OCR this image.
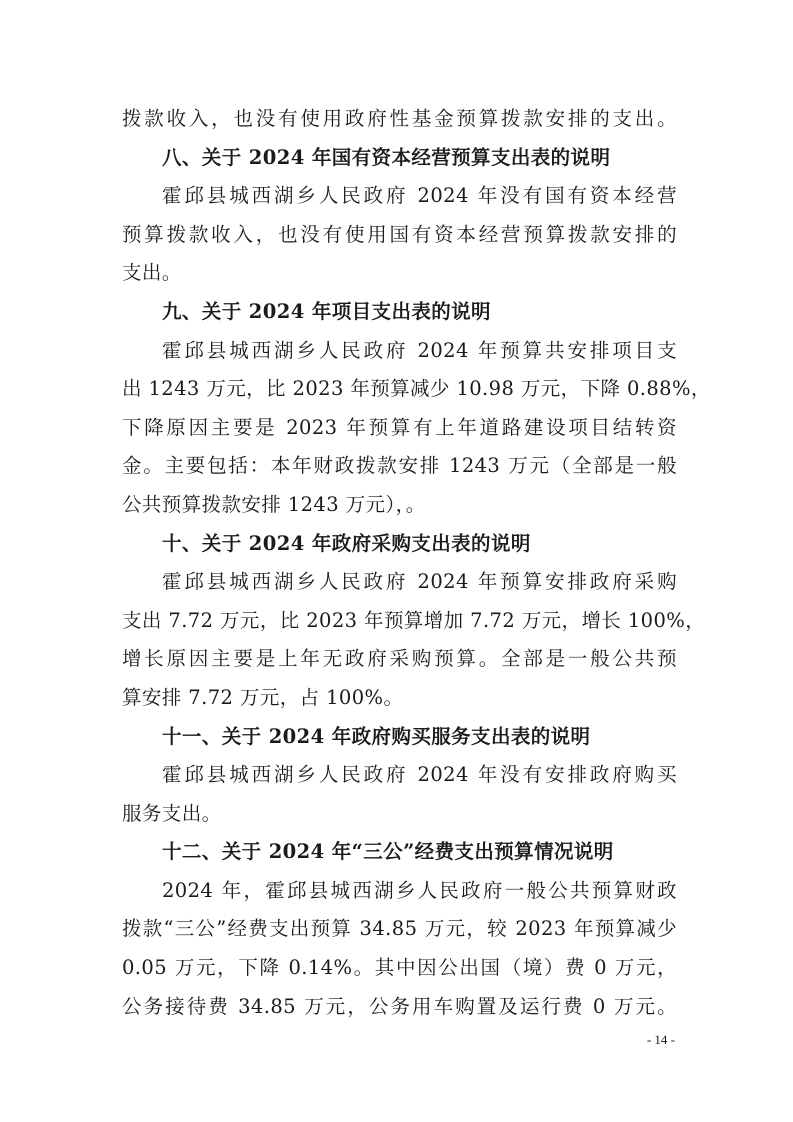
拨款收入，也没有使用政府性基金预算拨款安排的支出。

八、关于 2024 年国有资本经营预算支出表的说明

霍邱县城西湖乡人民政府 2024 年没有国有资本经营

预算拨款收入，也没有使用国有资本经营预算拨款安排的

支出。

九、关于 2024 年项目支出表的说明

霍邱县城西湖乡人民政府 2024 年预算共安排项目支

出 1243 万元，比 2023 年预算减少 10.98 万元，下降 0.88%，

下降原因主要是 2023 年预算有上年道路建设项目结转资

金。主要包括：本年财政拨款安排 1243 万元（全部是一般

公共预算拨款安排 1243 万元），。

十、关于 2024 年政府采购支出表的说明

霍邱县城西湖乡人民政府 2024 年预算安排政府采购

支出 7.72 万元，比 2023 年预算增加 7.72 万元，增长 100%，

增长原因主要是上年无政府采购预算。全部是一般公共预

算安排 7.72 万元，占 100%。

十一、关于 2024 年政府购买服务支出表的说明

霍邱县城西湖乡人民政府 2024 年没有安排政府购买

服务支出。

十二、关于 2024 年“三公”经费支出预算情况说明

2024 年，霍邱县城西湖乡人民政府一般公共预算财政

拨款“三公”经费支出预算 34.85 万元，较 2023 年预算减少

0.05 万元，下降 0.14%。其中因公出国（境）费 0 万元，

公务接待费 34.85 万元，公务用车购置及运行费 0 万元。

- 14 -
